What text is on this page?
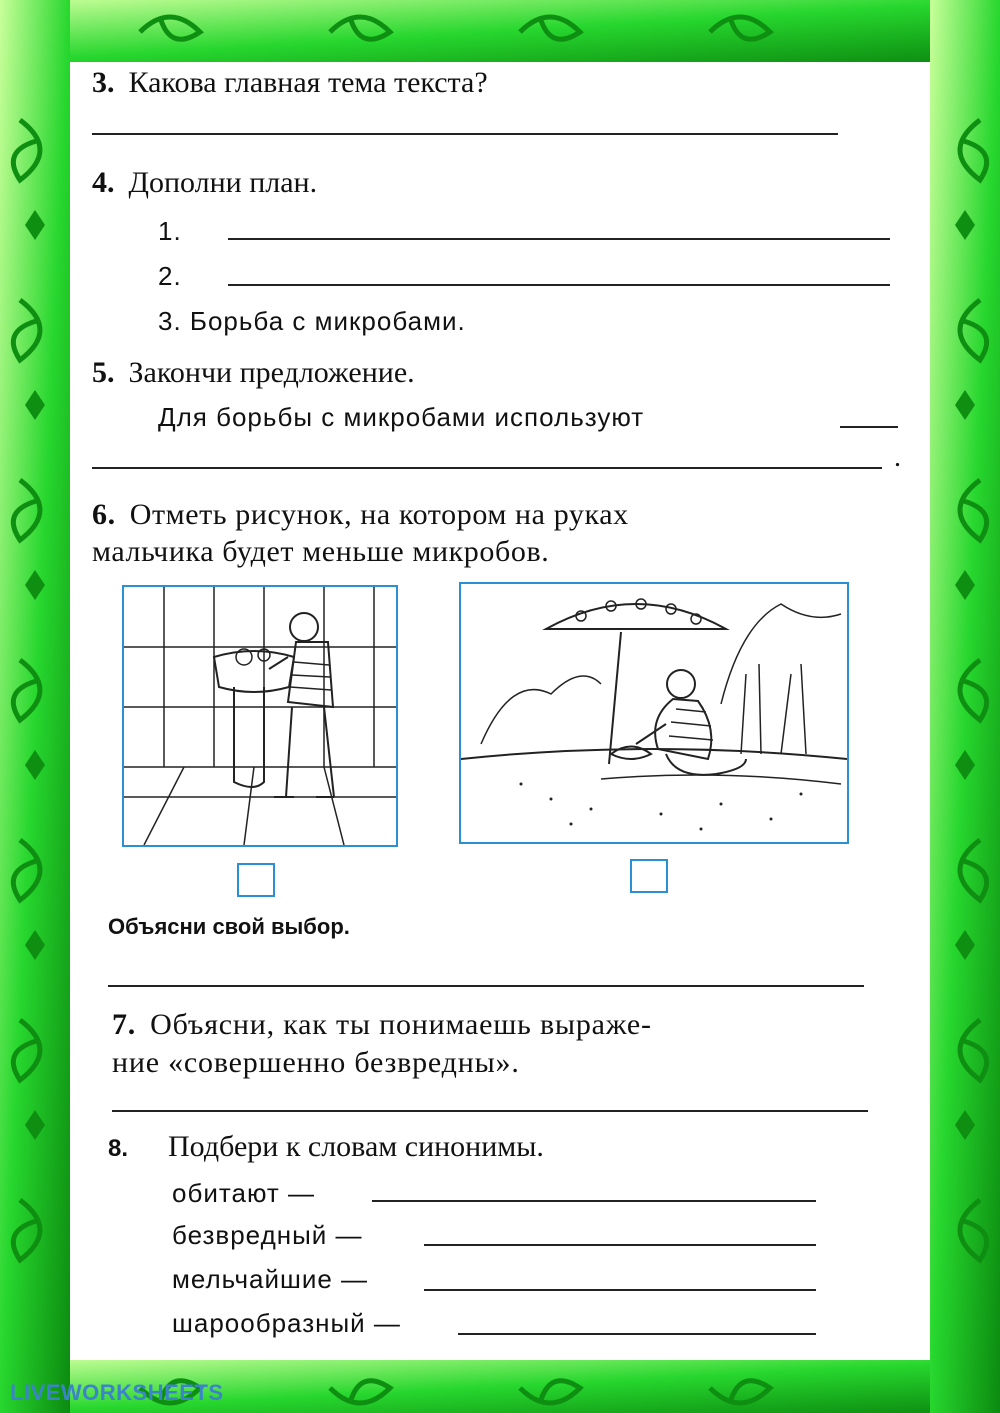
3. Какова главная тема текста?
4. Дополни план.
1.
2.
3. Борьба с микробами.
5. Закончи предложение.
Для борьбы с микробами используют
.
6. Отметь рисунок, на котором на руках
мальчика будет меньше микробов.
Объясни свой выбор.
7. Объясни, как ты понимаешь выраже-
ние «совершенно безвредны».
8. Подбери к словам синонимы.
обитают —
безвредный —
мельчайшие —
шарообразный —
LIVEWORKSHEETS
